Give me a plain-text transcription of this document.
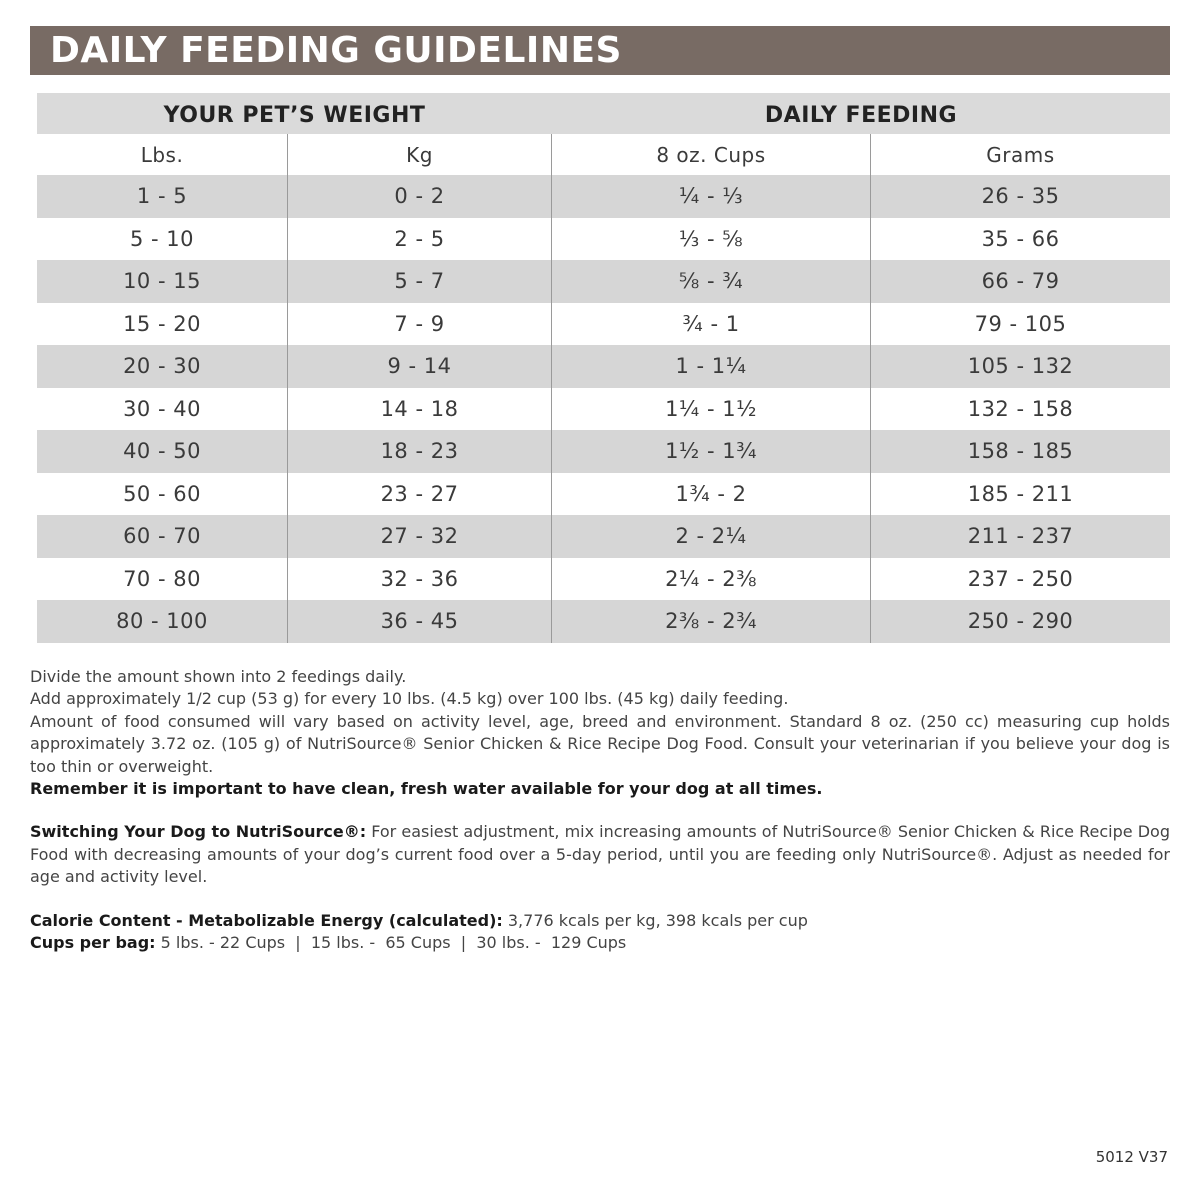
DAILY FEEDING GUIDELINES
YOUR PET’S WEIGHT	DAILY FEEDING
Lbs.	Kg	8 oz. Cups	Grams
1 - 5	0 - 2	¼ - ⅓	26 - 35
5 - 10	2 - 5	⅓ - ⅝	35 - 66
10 - 15	5 - 7	⅝ - ¾	66 - 79
15 - 20	7 - 9	¾ - 1	79 - 105
20 - 30	9 - 14	1 - 1¼	105 - 132
30 - 40	14 - 18	1¼ - 1½	132 - 158
40 - 50	18 - 23	1½ - 1¾	158 - 185
50 - 60	23 - 27	1¾ - 2	185 - 211
60 - 70	27 - 32	2 - 2¼	211 - 237
70 - 80	32 - 36	2¼ - 2⅜	237 - 250
80 - 100	36 - 45	2⅜ - 2¾	250 - 290

Divide the amount shown into 2 feedings daily.

Add approximately 1/2 cup (53 g) for every 10 lbs. (4.5 kg) over 100 lbs. (45 kg) daily feeding.

Amount of food consumed will vary based on activity level, age, breed and environment. Standard 8 oz. (250 cc) measuring cup holds approximately 3.72 oz. (105 g) of NutriSource® Senior Chicken & Rice Recipe Dog Food. Consult your veterinarian if you believe your dog is too thin or overweight.

Remember it is important to have clean, fresh water available for your dog at all times.

Switching Your Dog to NutriSource®: For easiest adjustment, mix increasing amounts of NutriSource® Senior Chicken & Rice Recipe Dog Food with decreasing amounts of your dog’s current food over a 5-day period, until you are feeding only NutriSource®. Adjust as needed for age and activity level.

Calorie Content - Metabolizable Energy (calculated): 3,776 kcals per kg, 398 kcals per cup

Cups per bag: 5 lbs. - 22 Cups  |  15 lbs. -  65 Cups  |  30 lbs. -  129 Cups

5012 V37
